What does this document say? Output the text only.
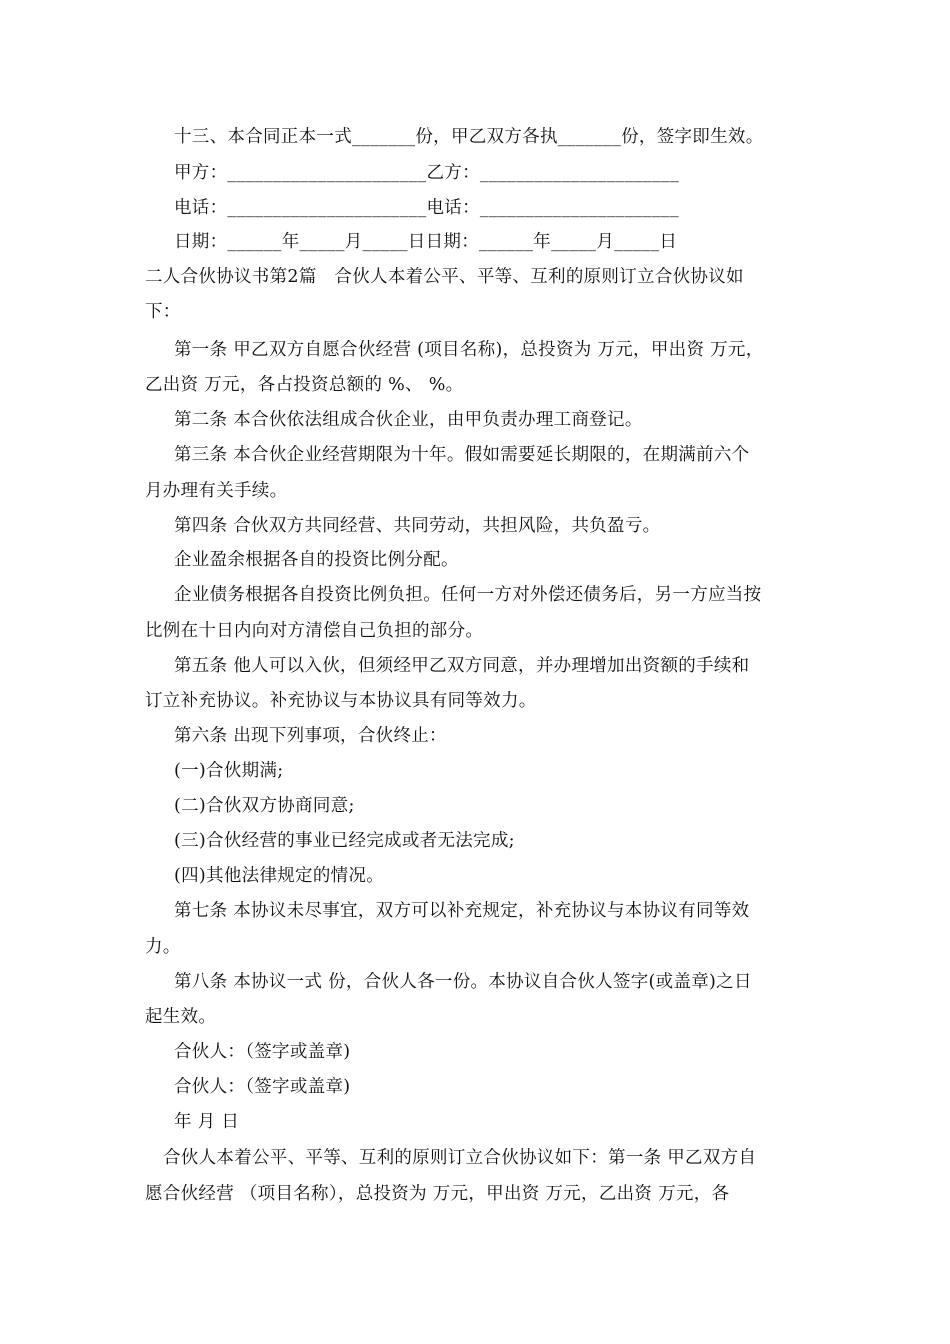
十三、本合同正本一式_______份，甲乙双方各执_______份，签字即生效。

甲方：______________________乙方：______________________

电话：______________________电话：______________________

日期：______年_____月_____日日期：______年_____月_____日

二人合伙协议书第2篇　合伙人本着公平、平等、互利的原则订立合伙协议如

下：

第一条 甲乙双方自愿合伙经营 (项目名称)，总投资为 万元，甲出资 万元，

乙出资 万元，各占投资总额的 %、 %。

第二条 本合伙依法组成合伙企业，由甲负责办理工商登记。

第三条 本合伙企业经营期限为十年。假如需要延长期限的，在期满前六个

月办理有关手续。

第四条 合伙双方共同经营、共同劳动，共担风险，共负盈亏。

企业盈余根据各自的投资比例分配。

企业债务根据各自投资比例负担。任何一方对外偿还债务后，另一方应当按

比例在十日内向对方清偿自己负担的部分。

第五条 他人可以入伙，但须经甲乙双方同意，并办理增加出资额的手续和

订立补充协议。补充协议与本协议具有同等效力。

第六条 出现下列事项，合伙终止：

(一)合伙期满;

(二)合伙双方协商同意;

(三)合伙经营的事业已经完成或者无法完成;

(四)其他法律规定的情况。

第七条 本协议未尽事宜，双方可以补充规定，补充协议与本协议有同等效

力。

第八条 本协议一式 份，合伙人各一份。本协议自合伙人签字(或盖章)之日

起生效。

合伙人：（签字或盖章)

合伙人：（签字或盖章)

年 月 日

合伙人本着公平、平等、互利的原则订立合伙协议如下：第一条 甲乙双方自

愿合伙经营 （项目名称），总投资为 万元，甲出资 万元，乙出资 万元，各
